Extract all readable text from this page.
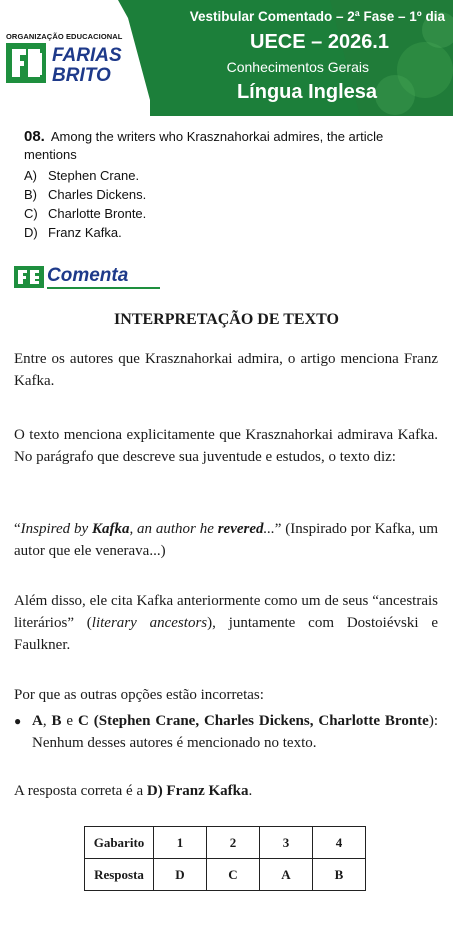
ORGANIZAÇÃO EDUCACIONAL
FARIAS
BRITO
Vestibular Comentado – 2ª Fase – 1º dia
UECE – 2026.1
Conhecimentos Gerais
Língua Inglesa
08. Among the writers who Krasznahorkai admires, the article mentions
A) Stephen Crane.
B) Charles Dickens.
C) Charlotte Bronte.
D) Franz Kafka.
Comenta
INTERPRETAÇÃO DE TEXTO
Entre os autores que Krasznahorkai admira, o artigo menciona Franz Kafka.
O texto menciona explicitamente que Krasznahorkai admirava Kafka. No parágrafo que descreve sua juventude e estudos, o texto diz:
“Inspired by Kafka, an author he revered...” (Inspirado por Kafka, um autor que ele venerava...)
Além disso, ele cita Kafka anteriormente como um de seus “ancestrais literários” (literary ancestors), juntamente com Dostoiévski e Faulkner.
Por que as outras opções estão incorretas:
● A, B e C (Stephen Crane, Charles Dickens, Charlotte Bronte): Nenhum desses autores é mencionado no texto.
A resposta correta é a D) Franz Kafka.
Gabarito	1	2	3	4
Resposta	D	C	A	B
